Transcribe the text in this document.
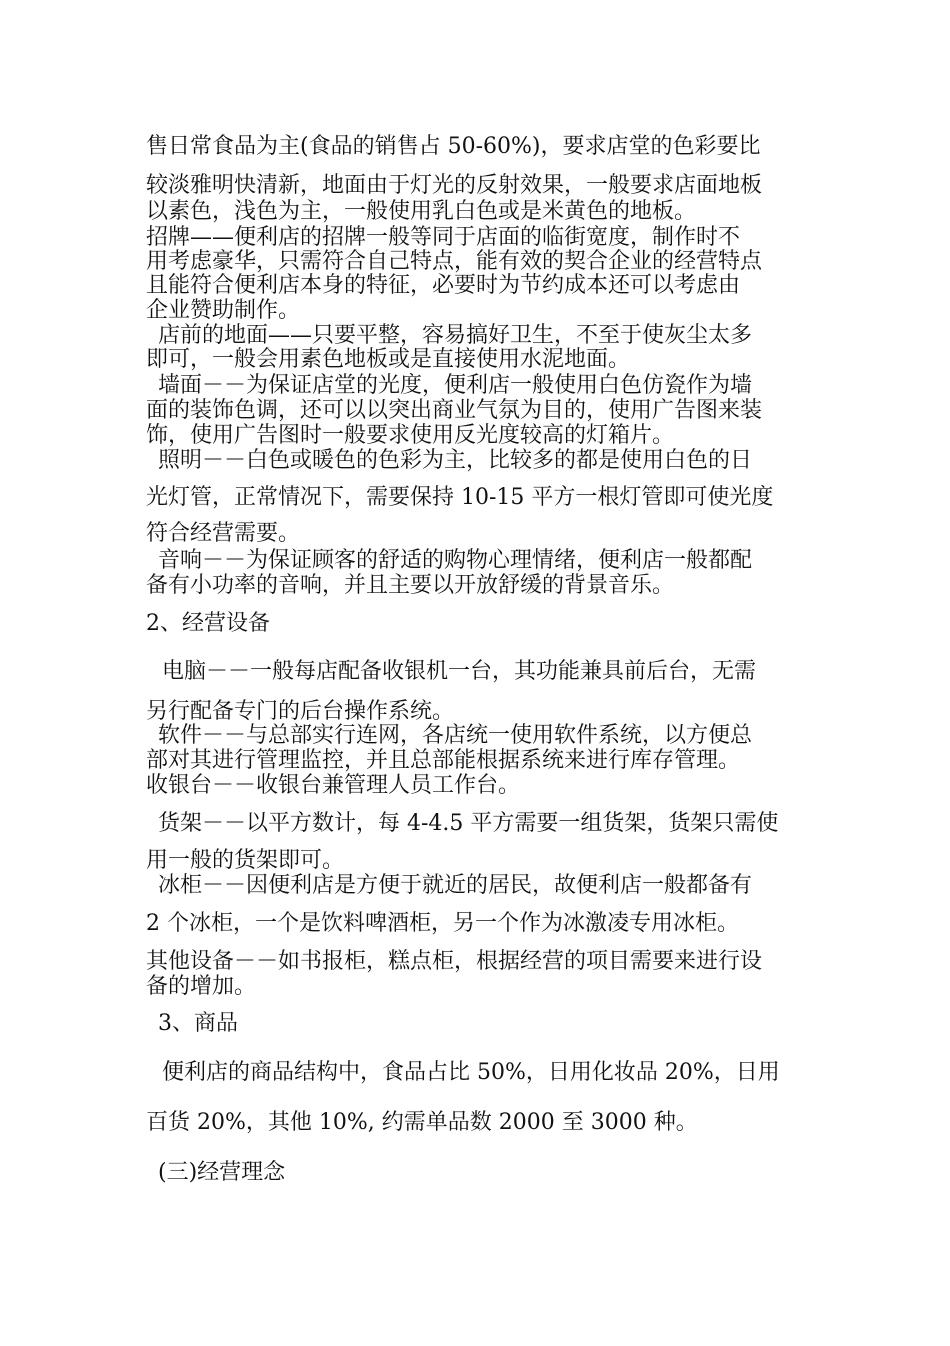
售日常食品为主(食品的销售占 50-60%)，要求店堂的色彩要比

较淡雅明快清新，地面由于灯光的反射效果，一般要求店面地板

以素色，浅色为主，一般使用乳白色或是米黄色的地板。

招牌——便利店的招牌一般等同于店面的临街宽度，制作时不

用考虑豪华，只需符合自己特点，能有效的契合企业的经营特点

且能符合便利店本身的特征，必要时为节约成本还可以考虑由

企业赞助制作。

店前的地面——只要平整，容易搞好卫生，不至于使灰尘太多

即可，一般会用素色地板或是直接使用水泥地面。

墙面－－为保证店堂的光度，便利店一般使用白色仿瓷作为墙

面的装饰色调，还可以以突出商业气氛为目的，使用广告图来装

饰，使用广告图时一般要求使用反光度较高的灯箱片。

照明－－白色或暖色的色彩为主，比较多的都是使用白色的日

光灯管，正常情况下，需要保持 10-15 平方一根灯管即可使光度

符合经营需要。

音响－－为保证顾客的舒适的购物心理情绪，便利店一般都配

备有小功率的音响，并且主要以开放舒缓的背景音乐。

2、经营设备

电脑－－一般每店配备收银机一台，其功能兼具前后台，无需

另行配备专门的后台操作系统。

软件－－与总部实行连网，各店统一使用软件系统，以方便总

部对其进行管理监控，并且总部能根据系统来进行库存管理。

收银台－－收银台兼管理人员工作台。

货架－－以平方数计，每 4-4.5 平方需要一组货架，货架只需使

用一般的货架即可。

冰柜－－因便利店是方便于就近的居民，故便利店一般都备有

2 个冰柜，一个是饮料啤酒柜，另一个作为冰激凌专用冰柜。

其他设备－－如书报柜，糕点柜，根据经营的项目需要来进行设

备的增加。

3、商品

便利店的商品结构中，食品占比 50%，日用化妆品 20%，日用

百货 20%，其他 10%, 约需单品数 2000 至 3000 种。

(三)经营理念
